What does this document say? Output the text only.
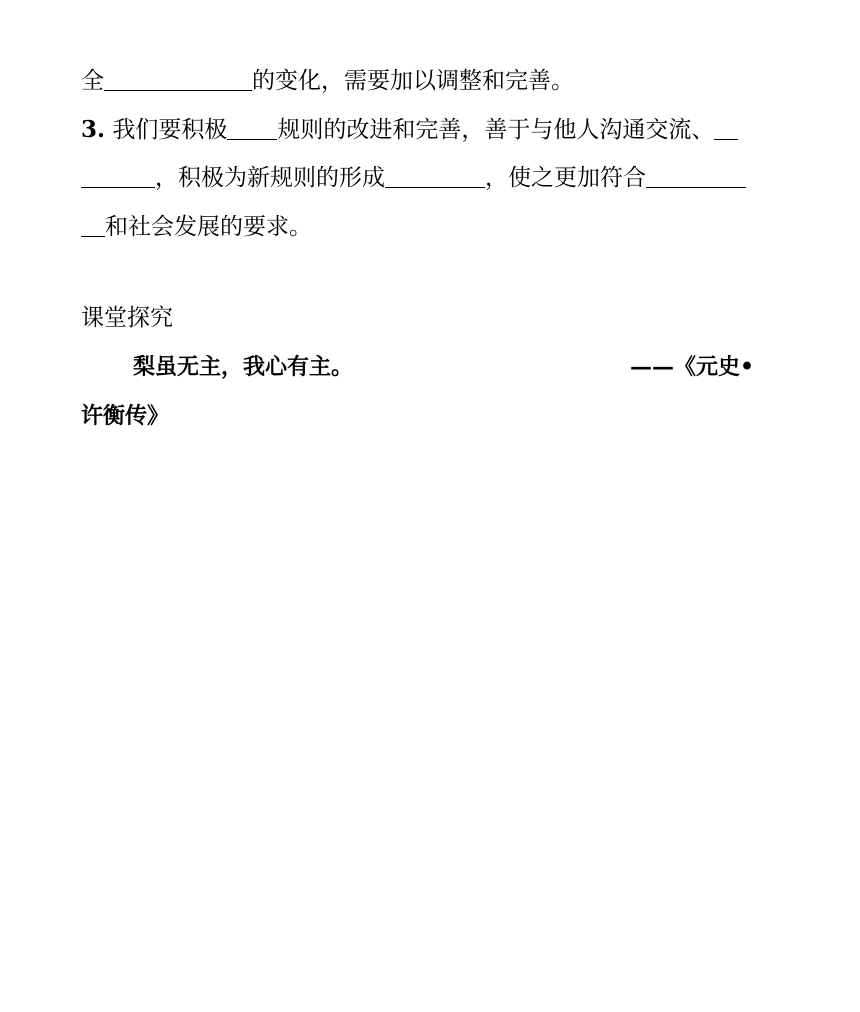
全	的变化，需要加以调整和完善。
3. 我们要积极 规则的改进和完善，善于与他人沟通交流、
，积极为新规则的形成	，使之更加符合
和社会发展的要求。
课堂探究
梨虽无主，我心有主。	——《元史•
许衡传》
